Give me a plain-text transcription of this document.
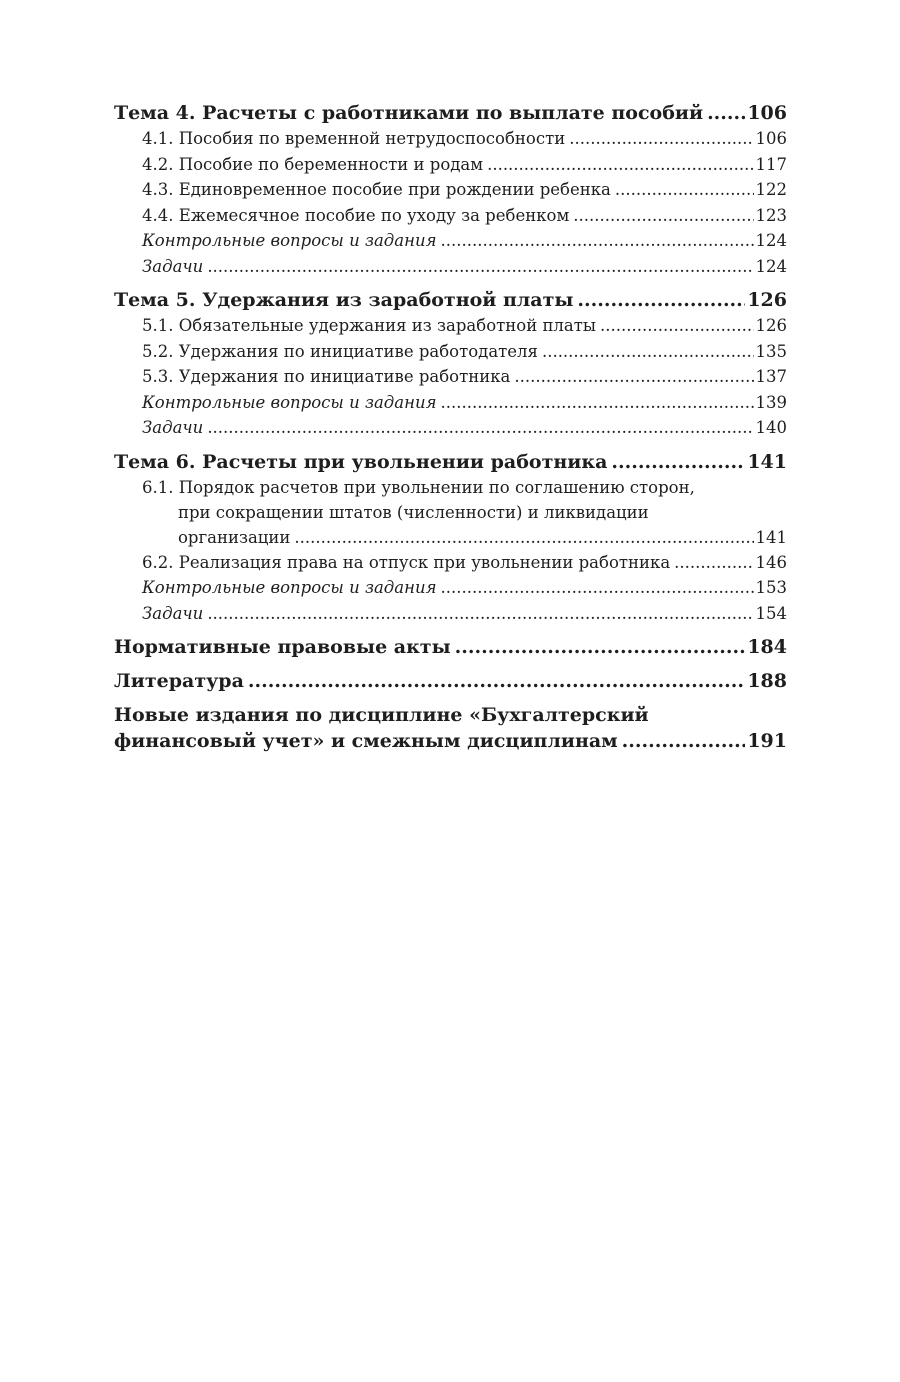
Тема 4. Расчеты с работниками по выплате пособий ..... 106
4.1. Пособия по временной нетрудоспособности .....	106
4.2. Пособие по беременности и родам .....	117
4.3. Единовременное пособие при рождении ребенка .....	122
4.4. Ежемесячное пособие по уходу за ребенком .....	123
Контрольные вопросы и задания .....	124
Задачи .....	124
Тема 5. Удержания из заработной платы .....	126
5.1. Обязательные удержания из заработной платы .....	126
5.2. Удержания по инициативе работодателя .....	135
5.3. Удержания по инициативе работника .....	137
Контрольные вопросы и задания .....	139
Задачи .....	140
Тема 6. Расчеты при увольнении работника .....	141
6.1. Порядок расчетов при увольнении по соглашению сторон,
при сокращении штатов (численности) и ликвидации
организации .....	141
6.2. Реализация права на отпуск при увольнении работника .....	146
Контрольные вопросы и задания .....	153
Задачи .....	154
Нормативные правовые акты .....	184
Литература .....	188
Новые издания по дисциплине «Бухгалтерский
финансовый учет» и смежным дисциплинам .....	191
